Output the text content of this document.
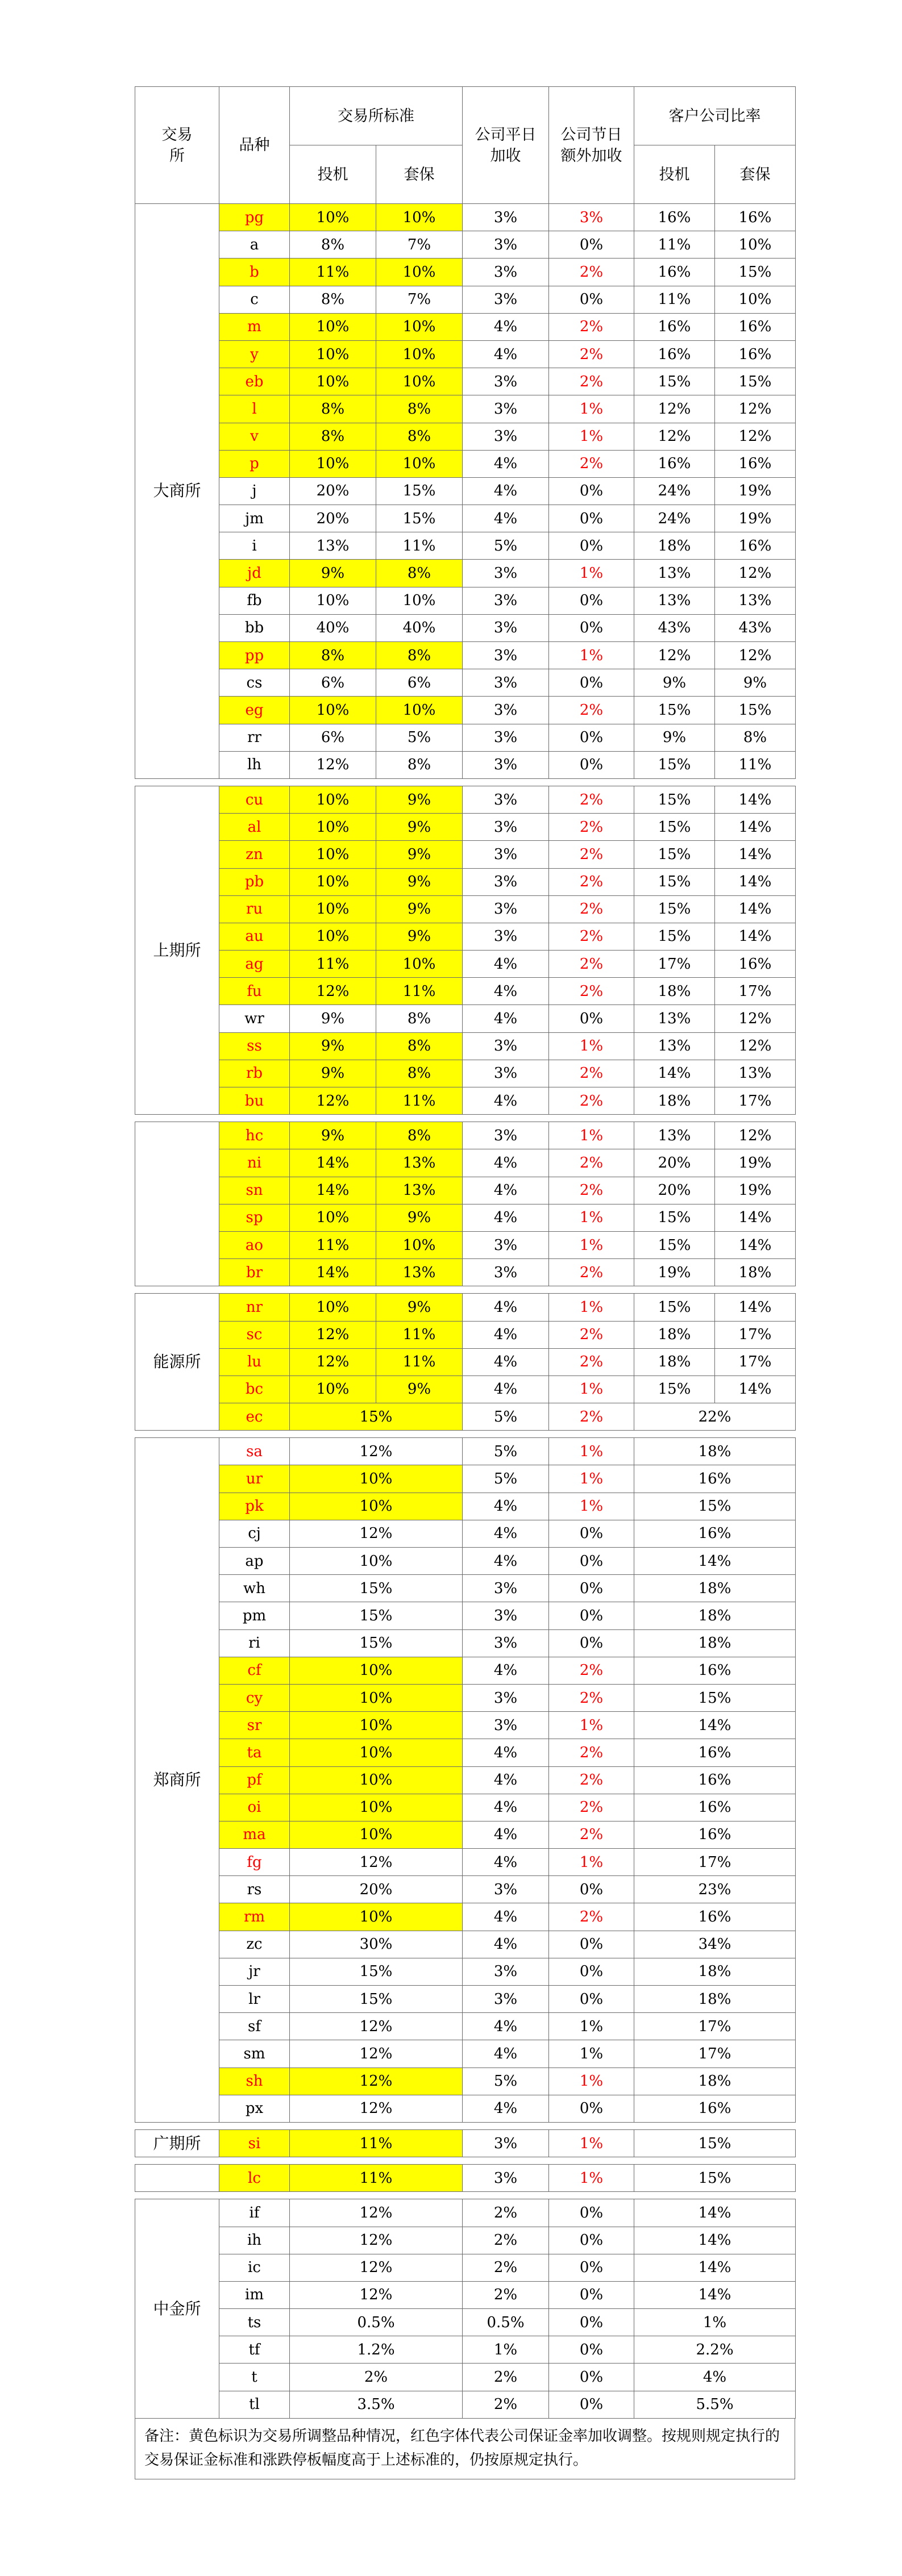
交易所	品种	交易所标准		公司平日加收	公司节日额外加收	客户公司比率	
		投机	套保			投机	套保
大商所	pg	10%	10%	3%	3%	16%	16%
	a	8%	7%	3%	0%	11%	10%
	b	11%	10%	3%	2%	16%	15%
	c	8%	7%	3%	0%	11%	10%
	m	10%	10%	4%	2%	16%	16%
	y	10%	10%	4%	2%	16%	16%
	eb	10%	10%	3%	2%	15%	15%
	l	8%	8%	3%	1%	12%	12%
	v	8%	8%	3%	1%	12%	12%
	p	10%	10%	4%	2%	16%	16%
	j	20%	15%	4%	0%	24%	19%
	jm	20%	15%	4%	0%	24%	19%
	i	13%	11%	5%	0%	18%	16%
	jd	9%	8%	3%	1%	13%	12%
	fb	10%	10%	3%	0%	13%	13%
	bb	40%	40%	3%	0%	43%	43%
	pp	8%	8%	3%	1%	12%	12%
	cs	6%	6%	3%	0%	9%	9%
	eg	10%	10%	3%	2%	15%	15%
	rr	6%	5%	3%	0%	9%	8%
	lh	12%	8%	3%	0%	15%	11%

上期所	cu	10%	9%	3%	2%	15%	14%
	al	10%	9%	3%	2%	15%	14%
	zn	10%	9%	3%	2%	15%	14%
	pb	10%	9%	3%	2%	15%	14%
	ru	10%	9%	3%	2%	15%	14%
	au	10%	9%	3%	2%	15%	14%
	ag	11%	10%	4%	2%	17%	16%
	fu	12%	11%	4%	2%	18%	17%
	wr	9%	8%	4%	0%	13%	12%
	ss	9%	8%	3%	1%	13%	12%
	rb	9%	8%	3%	2%	14%	13%
	bu	12%	11%	4%	2%	18%	17%

	hc	9%	8%	3%	1%	13%	12%
	ni	14%	13%	4%	2%	20%	19%
	sn	14%	13%	4%	2%	20%	19%
	sp	10%	9%	4%	1%	15%	14%
	ao	11%	10%	3%	1%	15%	14%
	br	14%	13%	3%	2%	19%	18%

能源所	nr	10%	9%	4%	1%	15%	14%
	sc	12%	11%	4%	2%	18%	17%
	lu	12%	11%	4%	2%	18%	17%
	bc	10%	9%	4%	1%	15%	14%
	ec	15%		5%	2%	22%	

郑商所	sa	12%		5%	1%	18%	
	ur	10%		5%	1%	16%	
	pk	10%		4%	1%	15%	
	cj	12%		4%	0%	16%	
	ap	10%		4%	0%	14%	
	wh	15%		3%	0%	18%	
	pm	15%		3%	0%	18%	
	ri	15%		3%	0%	18%	
	cf	10%		4%	2%	16%	
	cy	10%		3%	2%	15%	
	sr	10%		3%	1%	14%	
	ta	10%		4%	2%	16%	
	pf	10%		4%	2%	16%	
	oi	10%		4%	2%	16%	
	ma	10%		4%	2%	16%	
	fg	12%		4%	1%	17%	
	rs	20%		3%	0%	23%	
	rm	10%		4%	2%	16%	
	zc	30%		4%	0%	34%	
	jr	15%		3%	0%	18%	
	lr	15%		3%	0%	18%	
	sf	12%		4%	1%	17%	
	sm	12%		4%	1%	17%	
	sh	12%		5%	1%	18%	
	px	12%		4%	0%	16%	

广期所	si	11%		3%	1%	15%	

	lc	11%		3%	1%	15%	

中金所	if	12%		2%	0%	14%	
	ih	12%		2%	0%	14%	
	ic	12%		2%	0%	14%	
	im	12%		2%	0%	14%	
	ts	0.5%		0.5%	0%	1%	
	tf	1.2%		1%	0%	2.2%	
	t	2%		2%	0%	4%	
	tl	3.5%		2%	0%	5.5%	
备注：黄色标识为交易所调整品种情况，红色字体代表公司保证金率加收调整。按规则规定执行的交易保证金标准和涨跌停板幅度高于上述标准的，仍按原规定执行。
